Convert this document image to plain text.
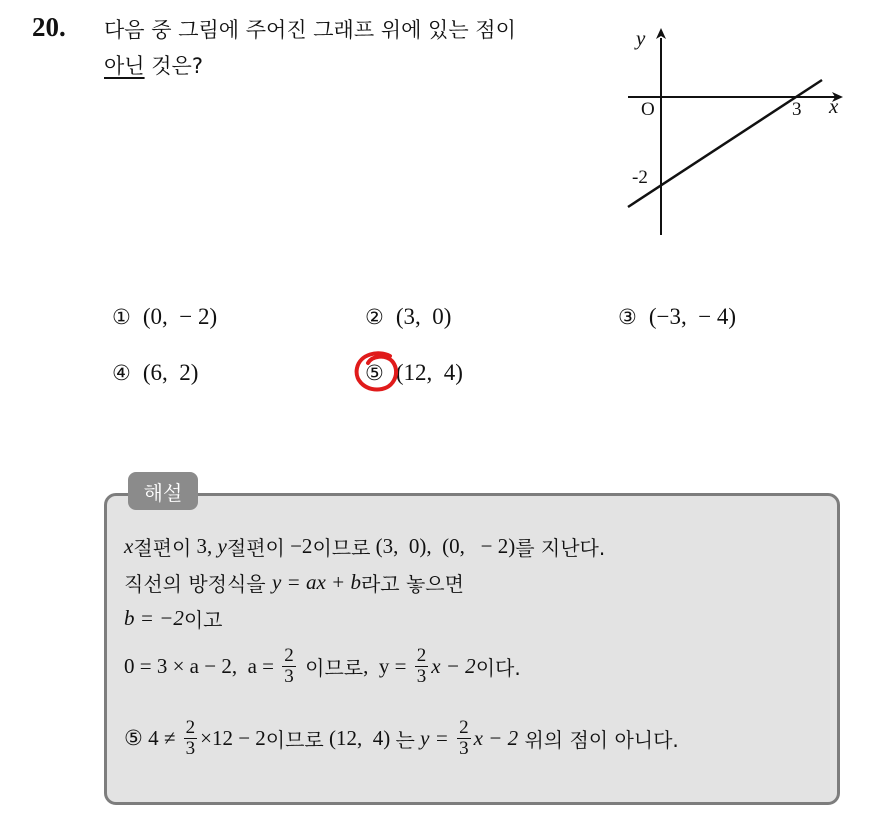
20. 다음 중 그림에 주어진 그래프 위에 있는 점이
아닌 것은?
y
x
O	3
-2
① (0,  − 2)	② (3,  0)	③ (−3,  − 4)
④ (6,  2)	⑤ (12,  4)
해설
x 절편이 3, y 절편이 −2 이므로 (3,  0),  (0,   − 2) 를 지난다.
직선의 방정식을 y = ax + b 라고 놓으면
b = −2 이고
0 = 3 × a − 2,  $a = \frac{2}{3}$ 이므로 ,  $y = \frac{2}{3}$ x − 2 이다.
⑤ $4 \ne \frac{2}{3} \times 12 - 2$ 이므로 (12,  4) 는 $y = \frac{2}{3}$ x − 2 위의 점이 아니다.
